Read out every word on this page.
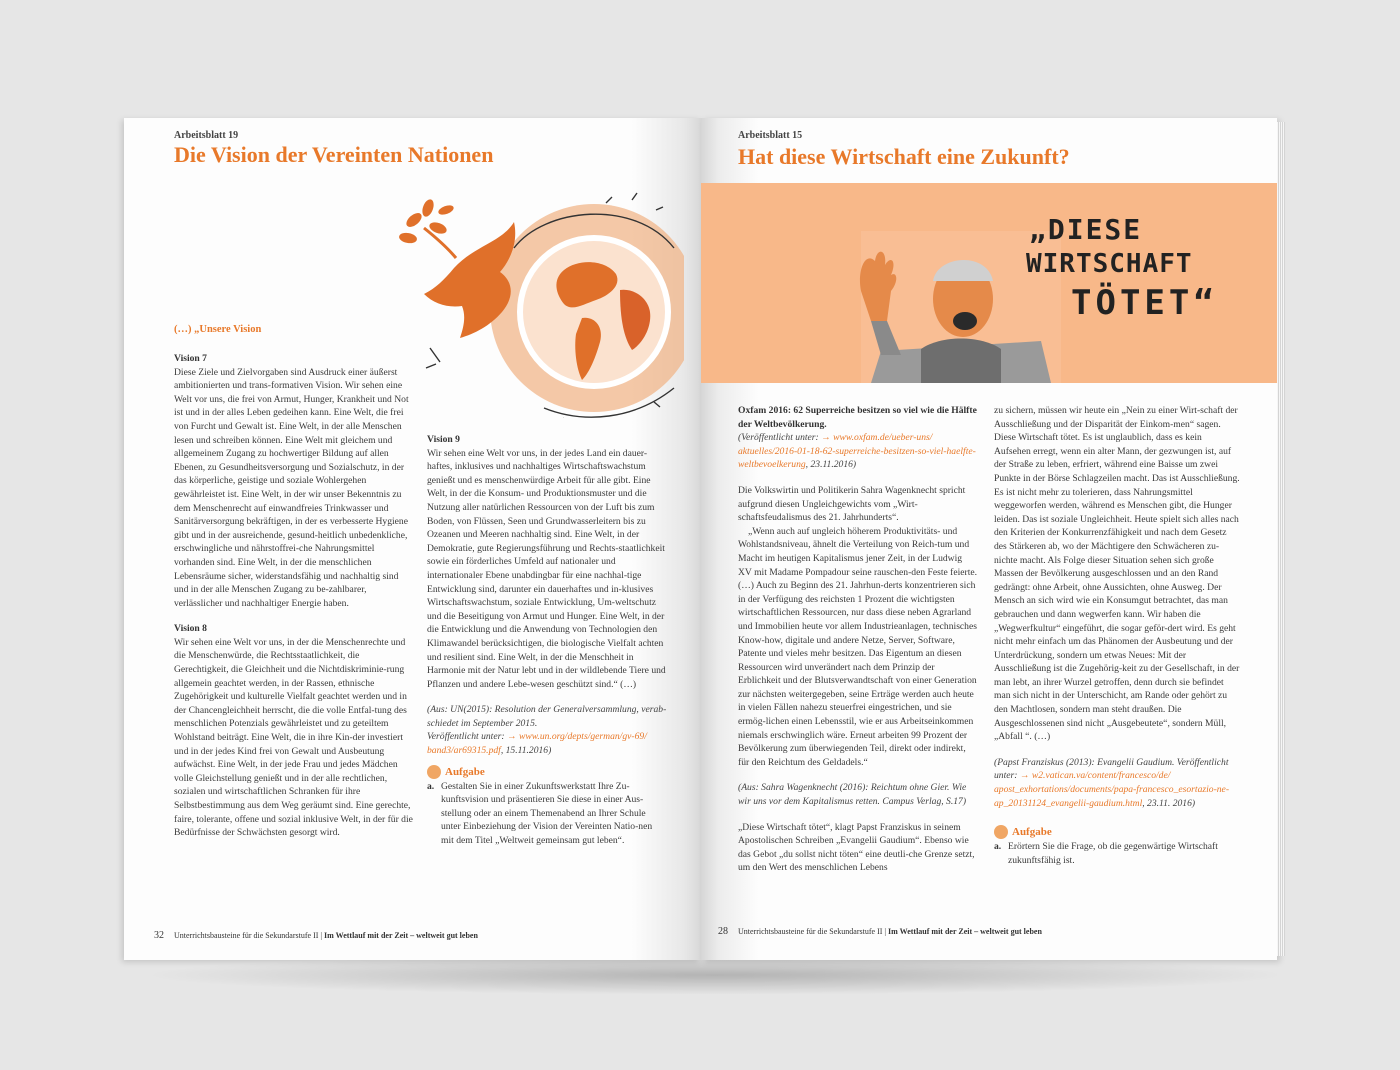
Arbeitsblatt 19
Die Vision der Vereinten Nationen
(…) „Unsere Vision

Vision 7

Diese Ziele und Zielvorgaben sind Ausdruck einer äußerst ambitionierten und trans-formativen Vision. Wir sehen eine Welt vor uns, die frei von Armut, Hunger, Krankheit und Not ist und in der alles Leben gedeihen kann. Eine Welt, die frei von Furcht und Gewalt ist. Eine Welt, in der alle Menschen lesen und schreiben können. Eine Welt mit gleichem und allgemeinem Zugang zu hochwertiger Bildung auf allen Ebenen, zu Gesundheitsversorgung und Sozialschutz, in der das körperliche, geistige und soziale Wohlergehen gewährleistet ist. Eine Welt, in der wir unser Bekenntnis zu dem Menschenrecht auf einwandfreies Trinkwasser und Sanitärversorgung bekräftigen, in der es verbesserte Hygiene gibt und in der ausreichende, gesund-heitlich unbedenkliche, erschwingliche und nährstoffrei-che Nahrungsmittel vorhanden sind. Eine Welt, in der die menschlichen Lebensräume sicher, widerstandsfähig und nachhaltig sind und in der alle Menschen Zugang zu be-zahlbarer, verlässlicher und nachhaltiger Energie haben.

Vision 8

Wir sehen eine Welt vor uns, in der die Menschenrechte und die Menschenwürde, die Rechtsstaatlichkeit, die Gerechtigkeit, die Gleichheit und die Nichtdiskriminie-rung allgemein geachtet werden, in der Rassen, ethnische Zugehörigkeit und kulturelle Vielfalt geachtet werden und in der Chancengleichheit herrscht, die die volle Entfal-tung des menschlichen Potenzials gewährleistet und zu geteiltem Wohlstand beiträgt. Eine Welt, die in ihre Kin-der investiert und in der jedes Kind frei von Gewalt und Ausbeutung aufwächst. Eine Welt, in der jede Frau und jedes Mädchen volle Gleichstellung genießt und in der alle rechtlichen, sozialen und wirtschaftlichen Schranken für ihre Selbstbestimmung aus dem Weg geräumt sind. Eine gerechte, faire, tolerante, offene und sozial inklusive Welt, in der für die Bedürfnisse der Schwächsten gesorgt wird.

Vision 9

Wir sehen eine Welt vor uns, in der jedes Land ein dauer-haftes, inklusives und nachhaltiges Wirtschaftswachstum genießt und es menschenwürdige Arbeit für alle gibt. Eine Welt, in der die Konsum- und Produktionsmuster und die Nutzung aller natürlichen Ressourcen von der Luft bis zum Boden, von Flüssen, Seen und Grundwasserleitern bis zu Ozeanen und Meeren nachhaltig sind. Eine Welt, in der Demokratie, gute Regierungsführung und Rechts-staatlichkeit sowie ein förderliches Umfeld auf nationaler und internationaler Ebene unabdingbar für eine nachhal-tige Entwicklung sind, darunter ein dauerhaftes und in-klusives Wirtschaftswachstum, soziale Entwicklung, Um-weltschutz und die Beseitigung von Armut und Hunger. Eine Welt, in der die Entwicklung und die Anwendung von Technologien den Klimawandel berücksichtigen, die biologische Vielfalt achten und resilient sind. Eine Welt, in der die Menschheit in Harmonie mit der Natur lebt und in der wildlebende Tiere und Pflanzen und andere Lebe-wesen geschützt sind.“ (…)

(Aus: UN(2015): Resolution der Generalversammlung, verab-schiedet im September 2015.
Veröffentlicht unter: → www.un.org/depts/german/gv-69/ band3/ar69315.pdf, 15.11.2016)

Aufgabe

a. Gestalten Sie in einer Zukunftswerkstatt Ihre Zu-kunftsvision und präsentieren Sie diese in einer Aus-stellung oder an einem Themenabend an Ihrer Schule unter Einbeziehung der Vision der Vereinten Natio-nen mit dem Titel „Weltweit gemeinsam gut leben“.
32 Unterrichtsbausteine für die Sekundarstufe II | Im Wettlauf mit der Zeit – weltweit gut leben
Arbeitsblatt 15
Hat diese Wirtschaft eine Zukunft?
„DIESE
WIRTSCHAFT
TÖTET“

Oxfam 2016: 62 Superreiche besitzen so viel wie die Hälfte der Weltbevölkerung.

(Veröffentlicht unter: → www.oxfam.de/ueber-uns/ aktuelles/2016-01-18-62-superreiche-besitzen-so-viel-haelfte-weltbevoelkerung, 23.11.2016)

Die Volkswirtin und Politikerin Sahra Wagenknecht spricht aufgrund diesen Ungleichgewichts vom „Wirt-schaftsfeudalismus des 21. Jahrhunderts“.

„Wenn auch auf ungleich höherem Produktivitäts- und Wohlstandsniveau, ähnelt die Verteilung von Reich-tum und Macht im heutigen Kapitalismus jener Zeit, in der Ludwig XV mit Madame Pompadour seine rauschen-den Feste feierte. (…) Auch zu Beginn des 21. Jahrhun-derts konzentrieren sich in der Verfügung des reichsten 1 Prozent die wichtigsten wirtschaftlichen Ressourcen, nur dass diese neben Agrarland und Immobilien heute vor allem Industrieanlagen, technisches Know-how, digitale und andere Netze, Server, Software, Patente und vieles mehr besitzen. Das Eigentum an diesen Ressourcen wird unverändert nach dem Prinzip der Erblichkeit und der Blutsverwandtschaft von einer Generation zur nächsten weitergegeben, seine Erträge werden auch heute in vielen Fällen nahezu steuerfrei eingestrichen, und sie ermög-lichen einen Lebensstil, wie er aus Arbeitseinkommen niemals erschwinglich wäre. Erneut arbeiten 99 Prozent der Bevölkerung zum überwiegenden Teil, direkt oder indirekt, für den Reichtum des Geldadels.“

(Aus: Sahra Wagenknecht (2016): Reichtum ohne Gier. Wie wir uns vor dem Kapitalismus retten. Campus Verlag, S.17)

„Diese Wirtschaft tötet“, klagt Papst Franziskus in seinem Apostolischen Schreiben „Evangelii Gaudium“. Ebenso wie das Gebot „du sollst nicht töten“ eine deutli-che Grenze setzt, um den Wert des menschlichen Lebens

zu sichern, müssen wir heute ein „Nein zu einer Wirt-schaft der Ausschließung und der Disparität der Einkom-men“ sagen. Diese Wirtschaft tötet. Es ist unglaublich, dass es kein Aufsehen erregt, wenn ein alter Mann, der gezwungen ist, auf der Straße zu leben, erfriert, während eine Baisse um zwei Punkte in der Börse Schlagzeilen macht. Das ist Ausschließung. Es ist nicht mehr zu tolerieren, dass Nahrungsmittel weggeworfen werden, während es Menschen gibt, die Hunger leiden. Das ist soziale Ungleichheit. Heute spielt sich alles nach den Kriterien der Konkurrenzfähigkeit und nach dem Gesetz des Stärkeren ab, wo der Mächtigere den Schwächeren zu-nichte macht. Als Folge dieser Situation sehen sich große Massen der Bevölkerung ausgeschlossen und an den Rand gedrängt: ohne Arbeit, ohne Aussichten, ohne Ausweg. Der Mensch an sich wird wie ein Konsumgut betrachtet, das man gebrauchen und dann wegwerfen kann. Wir haben die „Wegwerfkultur“ eingeführt, die sogar geför-dert wird. Es geht nicht mehr einfach um das Phänomen der Ausbeutung und der Unterdrückung, sondern um etwas Neues: Mit der Ausschließung ist die Zugehörig-keit zu der Gesellschaft, in der man lebt, an ihrer Wurzel getroffen, denn durch sie befindet man sich nicht in der Unterschicht, am Rande oder gehört zu den Machtlosen, sondern man steht draußen. Die Ausgeschlossenen sind nicht „Ausgebeutete“, sondern Müll, „Abfall “. (…)

(Papst Franziskus (2013): Evangelii Gaudium. Veröffentlicht unter: → w2.vatican.va/content/francesco/de/ apost_exhortations/documents/papa-francesco_esortazio-ne-ap_20131124_evangelii-gaudium.html, 23.11. 2016)

Aufgabe

a. Erörtern Sie die Frage, ob die gegenwärtige Wirtschaft zukunftsfähig ist.
28 Unterrichtsbausteine für die Sekundarstufe II | Im Wettlauf mit der Zeit – weltweit gut leben
